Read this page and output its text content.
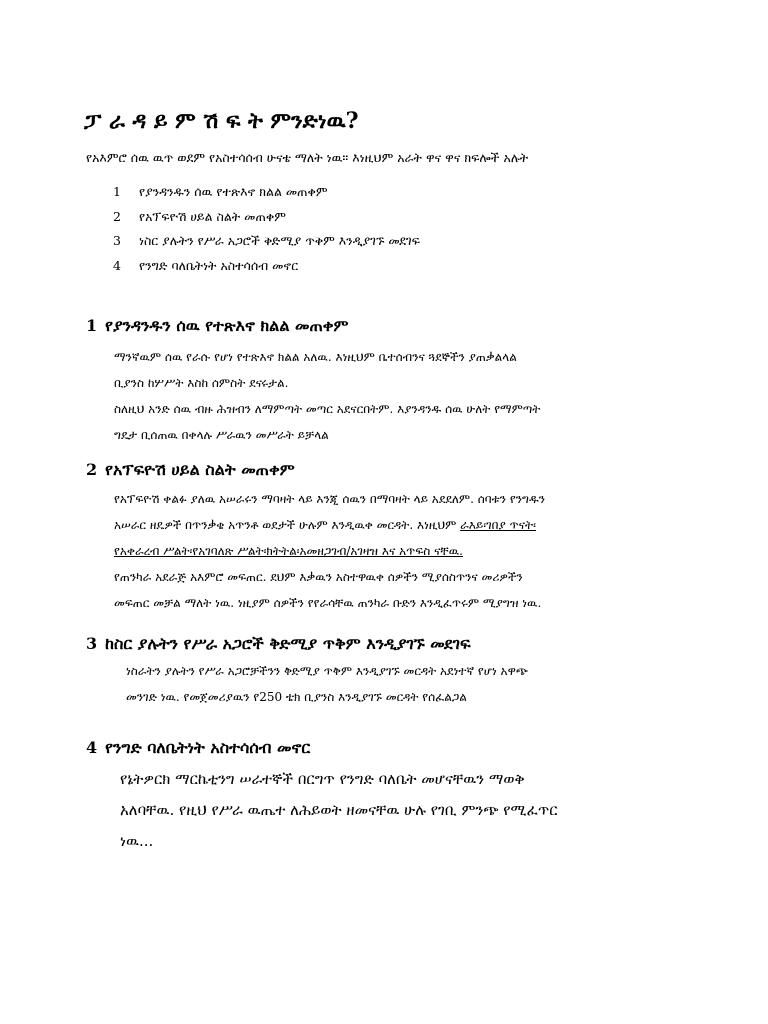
ፓ ራ ዳ ይ ም ሽ ፍ ት ምንድነዉ?
የአእምሮ ሰዉ ዉጥ ወደም የአስተሳሰብ ሁናቴ ማለት ነዉ። እነዚህም አራት ዋና ዋና ክፍሎች አሉት
1 የያንዳንዱን ሰዉ የተጽእኖ ክልል መጠቀም
2 የአፕፍዮሽ ሀይል ስልት መጠቀም
3 ነስር ያሉትን የሥራ አጋሮች ቅድሚያ ጥቅም እንዲያገኙ መደገፍ
4 የንግድ ባለቤትነት አስተሳሰብ መኖር
1 የያንዳንዱን ሰዉ የተጽእኖ ክልል መጠቀም
ማንኛዉም ሰዉ የራሱ የሆነ የተጽእኖ ክልል አለዉ. እነዚህም ቤተሰብንና ጓደኞችን ያጠቃልላል
ቢያንስ ከሦሥት እስከ ሰምስት ደናሩታል.
ስለዚህ አንድ ሰዉ ብዙ ሕዝብን ለማምጣት መጣር አደናርበትም. እያንዳንዱ ሰዉ ሁለት የማምጣት
ግዴታ ቢሰጠዉ በቀላሉ ሥራዉን መሥራት ይቻላል
2 የአፕፍዮሽ ሀይል ስልት መጠቀም
የአፕፍዮሽ ቀልፉ ያለዉ አሠራሩን ማባዛት ላይ እንጂ ሰዉን በማባዛት ላይ አደደለም. ሰባቱን የንግዱን
አሠራር ዘዴዎች በጥንቃቄ አጥንቶ ወደታች ሁሉም እንዲዉቀ መርዳት. እነዚህም ራእይ፡ገበያ ጥናት፡
የአቀራረብ ሥልት፡የአገባለጽ ሥልት፡ክትትል፡አመዘጋገብ/አገዛዝ እና አጥፍስ ናቸዉ.
የጠንካራ አደራጅ አእምሮ መፍጠር. ደህም እቃዉን አስተዋዉቀ ሰዎችን ሚያሰስጥንና መሪዎችን
መፍጠር መቻል ማለት ነዉ. ነዚያም ሰዎችን የየራሳቸዉ ጠንካራ ቡድን እንዲፈጥሩም ሚያግዝ ነዉ.
3 ከስር ያሉትን የሥራ አጋሮች ቅድሚያ ጥቅም እንዲያገኙ መደገፍ
ነስራትን ያሉትን የሥራ አጋሮቻችንን ቅድሚያ ጥቅም እንዲያገኙ መርዳት አደነተኛ የሆነ አዋጭ
መንገድ ነዉ. የመጀመሪያዉን የ250 ቴክ ቢያንስ እንዲያገኙ መርዳት የሰፈልጋል
4 የንግድ ባለቤትነት አስተሳሰብ መኖር
የኔትዎርክ ማርኬቲንግ ሠራተኞች በርግጥ የንግድ ባለቤት መሆናቸዉን ማወቅ
አለባቸዉ. የዚህ የሥራ ዉጤተ ለሕይወት ዘመናቸዉ ሁሉ የገቢ ምንጭ የሚፈጥር
ነዉ...
